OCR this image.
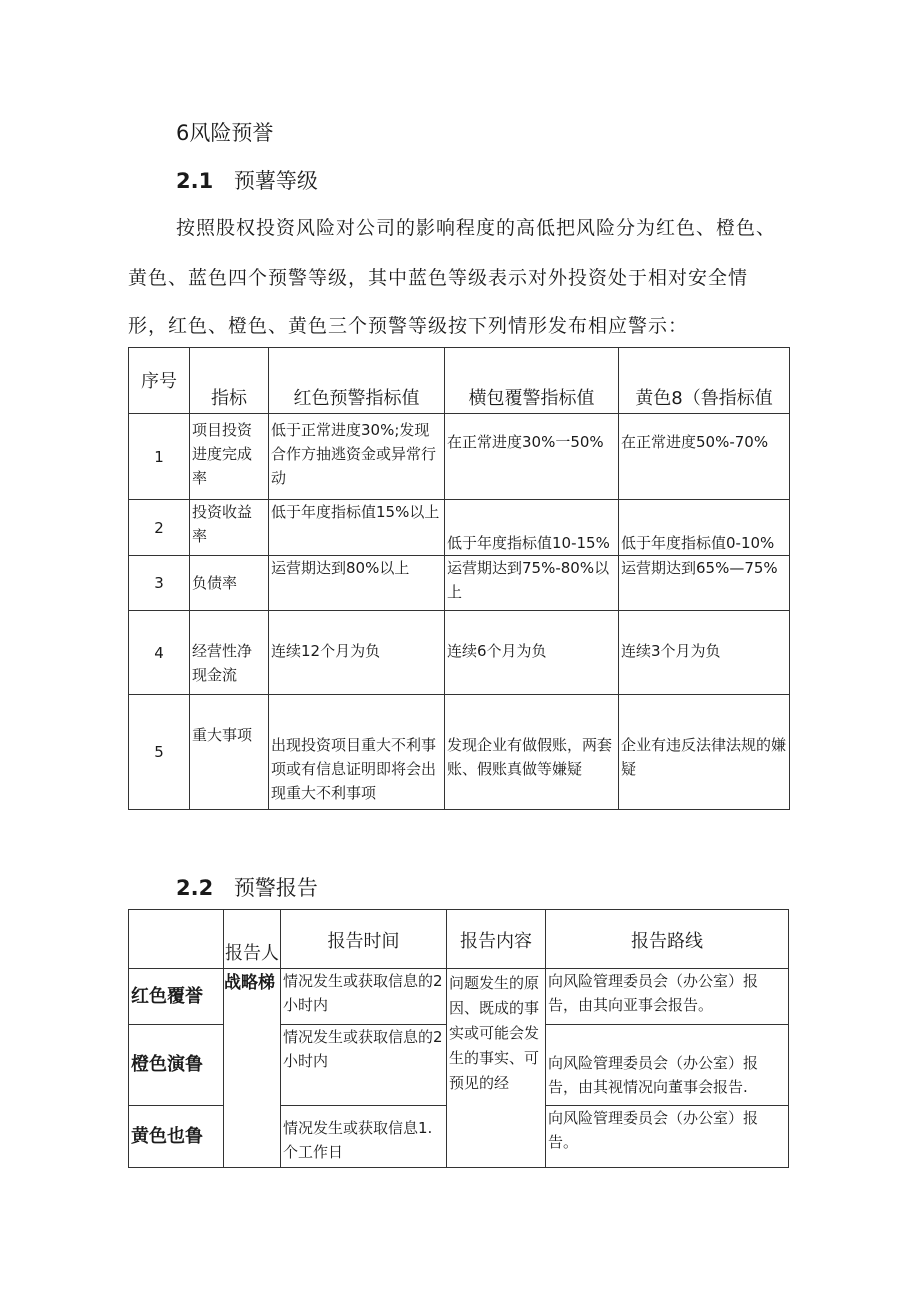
6风险预誉
2.1 预薯等级
按照股权投资风险对公司的影响程度的高低把风险分为红色、橙色、
黄色、蓝色四个预警等级，其中蓝色等级表示对外投资处于相对安全情
形，红色、橙色、黄色三个预警等级按下列情形发布相应警示：
序号	指标	红色预警指标值	横包覆警指标值	黄色8（鲁指标值
1	项目投资进度完成率	低于正常进度30%;发现合作方抽逃资金或异常行动	在正常进度30%一50%	在正常进度50%-70%
2	投资收益率	低于年度指标值15%以上	低于年度指标值10-15%	低于年度指标值0-10%
3	负债率	运营期达到80%以上	运营期达到75%-80%以上	运营期达到65%—75%
4	经营性净现金流	连续12个月为负	连续6个月为负	连续3个月为负
5	重大事项	出现投资项目重大不利事项或有信息证明即将会出现重大不利事项	发现企业有做假账，两套账、假账真做等嫌疑	企业有违反法律法规的嫌疑
2.2 预警报告
	报告人	报告时间	报告内容	报告路线
红色覆誉	战略梯	情况发生或获取信息的2小时内	问题发生的原因、既成的事实或可能会发生的事实、可预见的经	向风险管理委员会（办公室）报告，由其向亚事会报告。
橙色演鲁		情况发生或获取信息的2小时内		向风险管理委员会（办公室）报告，由其视情况向董事会报告.
黄色也鲁		情况发生或获取信息1.个工作日		向风险管理委员会（办公室）报告。
